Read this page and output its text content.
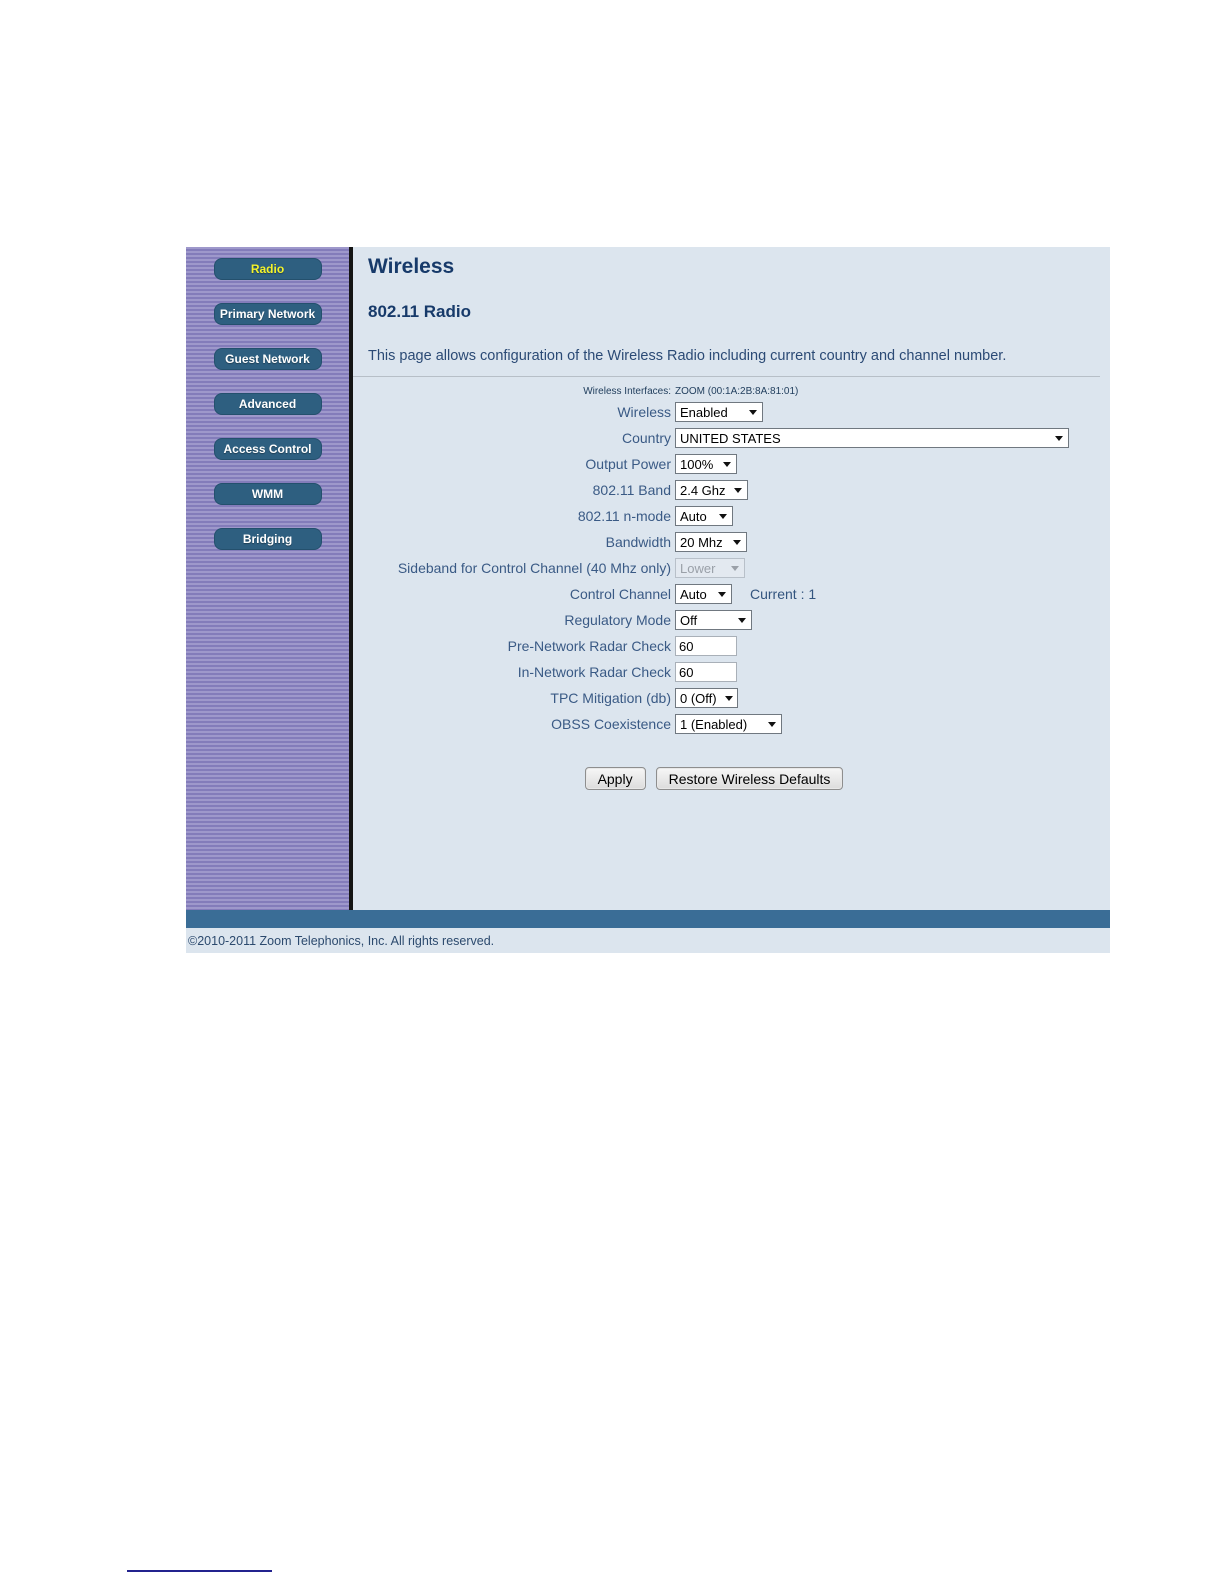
Radio
Primary Network
Guest Network
Advanced
Access Control
WMM
Bridging
Wireless
802.11 Radio
This page allows configuration of the Wireless Radio including current country and channel number.
Wireless Interfaces: ZOOM (00:1A:2B:8A:81:01)
Wireless Enabled
Country UNITED STATES
Output Power 100%
802.11 Band 2.4 Ghz
802.11 n-mode Auto
Bandwidth 20 Mhz
Sideband for Control Channel (40 Mhz only) Lower
Control Channel Auto	Current : 1
Regulatory Mode Off
Pre-Network Radar Check
60
In-Network Radar Check
60
TPC Mitigation (db) 0 (Off)
OBSS Coexistence 1 (Enabled)
Apply	Restore Wireless Defaults
©2010-2011 Zoom Telephonics, Inc. All rights reserved.
